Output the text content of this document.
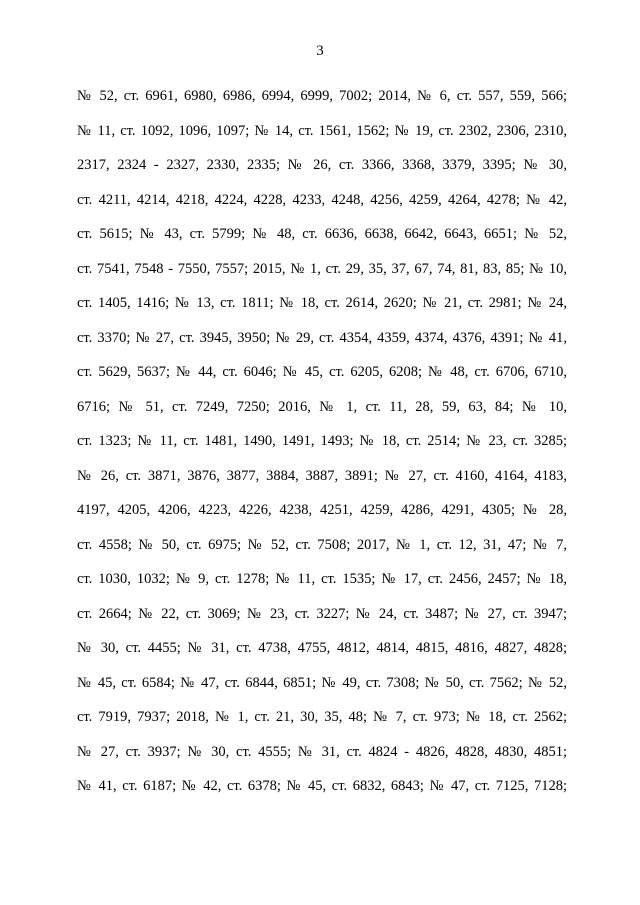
3
№ 52, ст. 6961, 6980, 6986, 6994, 6999, 7002; 2014, № 6, ст. 557, 559, 566;
№ 11, ст. 1092, 1096, 1097; № 14, ст. 1561, 1562; № 19, ст. 2302, 2306, 2310,
2317, 2324 - 2327, 2330, 2335; № 26, ст. 3366, 3368, 3379, 3395; № 30,
ст. 4211, 4214, 4218, 4224, 4228, 4233, 4248, 4256, 4259, 4264, 4278; № 42,
ст. 5615; № 43, ст. 5799; № 48, ст. 6636, 6638, 6642, 6643, 6651; № 52,
ст. 7541, 7548 - 7550, 7557; 2015, № 1, ст. 29, 35, 37, 67, 74, 81, 83, 85; № 10,
ст. 1405, 1416; № 13, ст. 1811; № 18, ст. 2614, 2620; № 21, ст. 2981; № 24,
ст. 3370; № 27, ст. 3945, 3950; № 29, ст. 4354, 4359, 4374, 4376, 4391; № 41,
ст. 5629, 5637; № 44, ст. 6046; № 45, ст. 6205, 6208; № 48, ст. 6706, 6710,
6716; № 51, ст. 7249, 7250; 2016, № 1, ст. 11, 28, 59, 63, 84; № 10,
ст. 1323; № 11, ст. 1481, 1490, 1491, 1493; № 18, ст. 2514; № 23, ст. 3285;
№ 26, ст. 3871, 3876, 3877, 3884, 3887, 3891; № 27, ст. 4160, 4164, 4183,
4197, 4205, 4206, 4223, 4226, 4238, 4251, 4259, 4286, 4291, 4305; № 28,
ст. 4558; № 50, ст. 6975; № 52, ст. 7508; 2017, № 1, ст. 12, 31, 47; № 7,
ст. 1030, 1032; № 9, ст. 1278; № 11, ст. 1535; № 17, ст. 2456, 2457; № 18,
ст. 2664; № 22, ст. 3069; № 23, ст. 3227; № 24, ст. 3487; № 27, ст. 3947;
№ 30, ст. 4455; № 31, ст. 4738, 4755, 4812, 4814, 4815, 4816, 4827, 4828;
№ 45, ст. 6584; № 47, ст. 6844, 6851; № 49, ст. 7308; № 50, ст. 7562; № 52,
ст. 7919, 7937; 2018, № 1, ст. 21, 30, 35, 48; № 7, ст. 973; № 18, ст. 2562;
№ 27, ст. 3937; № 30, ст. 4555; № 31, ст. 4824 - 4826, 4828, 4830, 4851;
№ 41, ст. 6187; № 42, ст. 6378; № 45, ст. 6832, 6843; № 47, ст. 7125, 7128;
